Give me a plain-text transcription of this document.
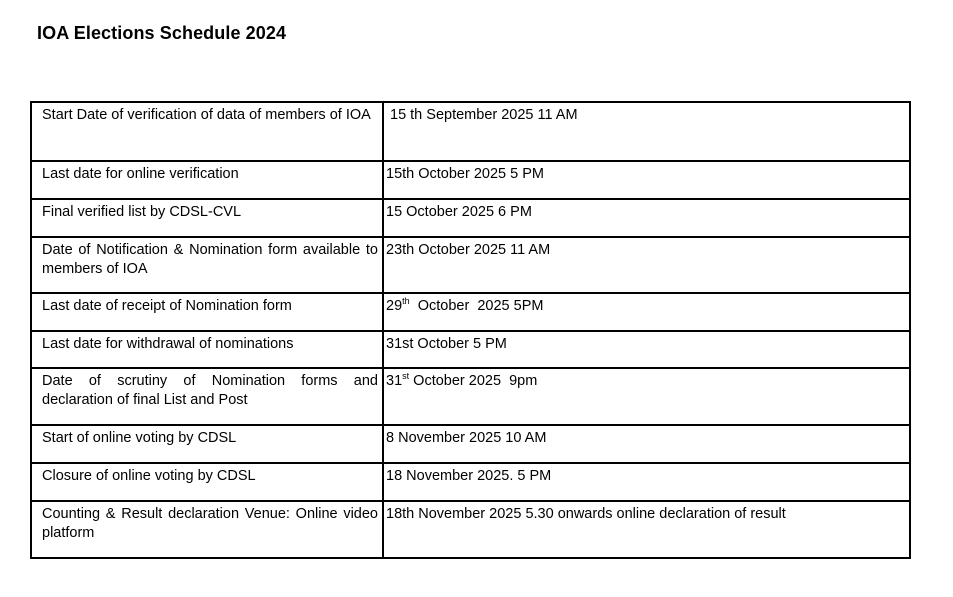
IOA Elections Schedule 2024
Start Date of verification of data of members of IOA	15 th September 2025 11 AM
Last date for online verification	15th October 2025 5 PM
Final verified list by CDSL-CVL	15 October 2025 6 PM
Date of Notification & Nomination form available to members of IOA	23th October 2025 11 AM
Last date of receipt of Nomination form	29th  October  2025 5PM
Last date for withdrawal of nominations	31st October 5 PM
Date of scrutiny of Nomination forms and declaration of final List and Post	31st October 2025  9pm
Start of online voting by CDSL	8 November 2025 10 AM
Closure of online voting by CDSL	18 November 2025. 5 PM
Counting & Result declaration Venue: Online video platform	18th November 2025 5.30 onwards online declaration of result
